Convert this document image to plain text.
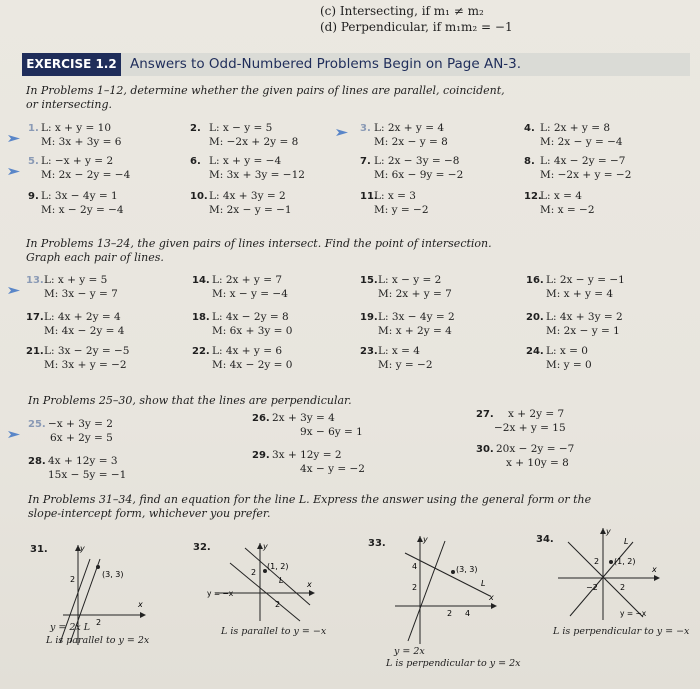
(c) Intersecting, if m₁ ≠ m₂
(d) Perpendicular, if m₁m₂ = −1
EXERCISE 1.2 Answers to Odd-Numbered Problems Begin on Page AN-3.
In Problems 1–12, determine whether the given pairs of lines are parallel, coincident,
or intersecting.
In Problems 13–24, the given pairs of lines intersect. Find the point of intersection.
Graph each pair of lines.
In Problems 25–30, show that the lines are perpendicular.
In Problems 31–34, find an equation for the line L. Express the answer using the general form or the
slope-intercept form, whichever you prefer.
31.
(3, 3)
2
2
y
x
y = 2x L
L is parallel to y = 2x
32.
(1, 2)
2
2
L
y = −x
y
x
L is parallel to y = −x
33.
(3, 3)
4
2
2 4
L
y
x
y = 2x
L is perpendicular to y = 2x
34.
(1, 2)
2
2
−2
L
y = −x
y
x
L is perpendicular to y = −x
1. L: x + y = 10
M: 3x + 3y = 6
2. L: x − y = 5
M: −2x + 2y = 8
3. L: 2x + y = 4
M: 2x − y = 8
4. L: 2x + y = 8
M: 2x − y = −4
5. L: −x + y = 2
M: 2x − 2y = −4
6. L: x + y = −4
M: 3x + 3y = −12
7. L: 2x − 3y = −8
M: 6x − 9y = −2
8. L: 4x − 2y = −7
M: −2x + y = −2
9. L: 3x − 4y = 1
M: x − 2y = −4
10. L: 4x + 3y = 2
M: 2x − y = −1
11.
L: x = 3
M: y = −2
12.
L: x = 4
M: x = −2
13. L: x + y = 5
M: 3x − y = 7
14. L: 2x + y = 7
M: x − y = −4
15. L: x − y = 2
M: 2x + y = 7
16. L: 2x − y = −1
M: x + y = 4
17. L: 4x + 2y = 4
M: 4x − 2y = 4
18. L: 4x − 2y = 8
M: 6x + 3y = 0
19. L: 3x − 4y = 2
M: x + 2y = 4
20. L: 4x + 3y = 2
M: 2x − y = 1
21. L: 3x − 2y = −5
M: 3x + y = −2
22. L: 4x + y = 6
M: 4x − 2y = 0
23. L: x = 4
M: y = −2
24. L: x = 0
M: y = 0
25. −x + 3y = 2
6x + 2y = 5
26. 2x + 3y = 4
9x − 6y = 1
27. x + 2y = 7
−2x + y = 15
28. 4x + 12y = 3
15x − 5y = −1
29. 3x + 12y = 2
4x − y = −2
30. 20x − 2y = −7
x + 10y = 8
